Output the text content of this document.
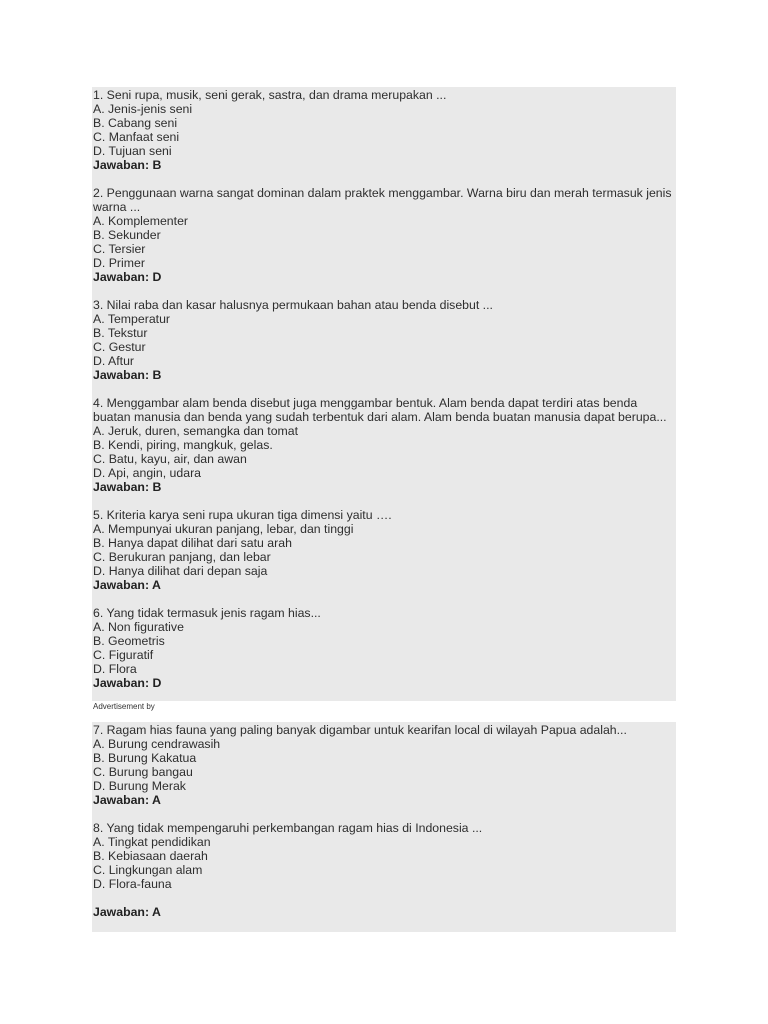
1. Seni rupa, musik, seni gerak, sastra, dan drama merupakan ...
A. Jenis-jenis seni
B. Cabang seni
C. Manfaat seni
D. Tujuan seni
Jawaban: B
2. Penggunaan warna sangat dominan dalam praktek menggambar. Warna biru dan merah termasuk jenis warna ...
A. Komplementer
B. Sekunder
C. Tersier
D. Primer
Jawaban: D
3. Nilai raba dan kasar halusnya permukaan bahan atau benda disebut ...
A. Temperatur
B. Tekstur
C. Gestur
D. Aftur
Jawaban: B
4. Menggambar alam benda disebut juga menggambar bentuk. Alam benda dapat terdiri atas benda buatan manusia dan benda yang sudah terbentuk dari alam. Alam benda buatan manusia dapat berupa...
A. Jeruk, duren, semangka dan tomat
B. Kendi, piring, mangkuk, gelas.
C. Batu, kayu, air, dan awan
D. Api, angin, udara
Jawaban: B
5. Kriteria karya seni rupa ukuran tiga dimensi yaitu ….
A. Mempunyai ukuran panjang, lebar, dan tinggi
B. Hanya dapat dilihat dari satu arah
C. Berukuran panjang, dan lebar
D. Hanya dilihat dari depan saja
Jawaban: A
6. Yang tidak termasuk jenis ragam hias...
A. Non figurative
B. Geometris
C. Figuratif
D. Flora
Jawaban: D
Advertisement by
7. Ragam hias fauna yang paling banyak digambar untuk kearifan local di wilayah Papua adalah...
A. Burung cendrawasih
B. Burung Kakatua
C. Burung bangau
D. Burung Merak
Jawaban: A
8. Yang tidak mempengaruhi perkembangan ragam hias di Indonesia ...
A. Tingkat pendidikan
B. Kebiasaan daerah
C. Lingkungan alam
D. Flora-fauna
Jawaban: A
